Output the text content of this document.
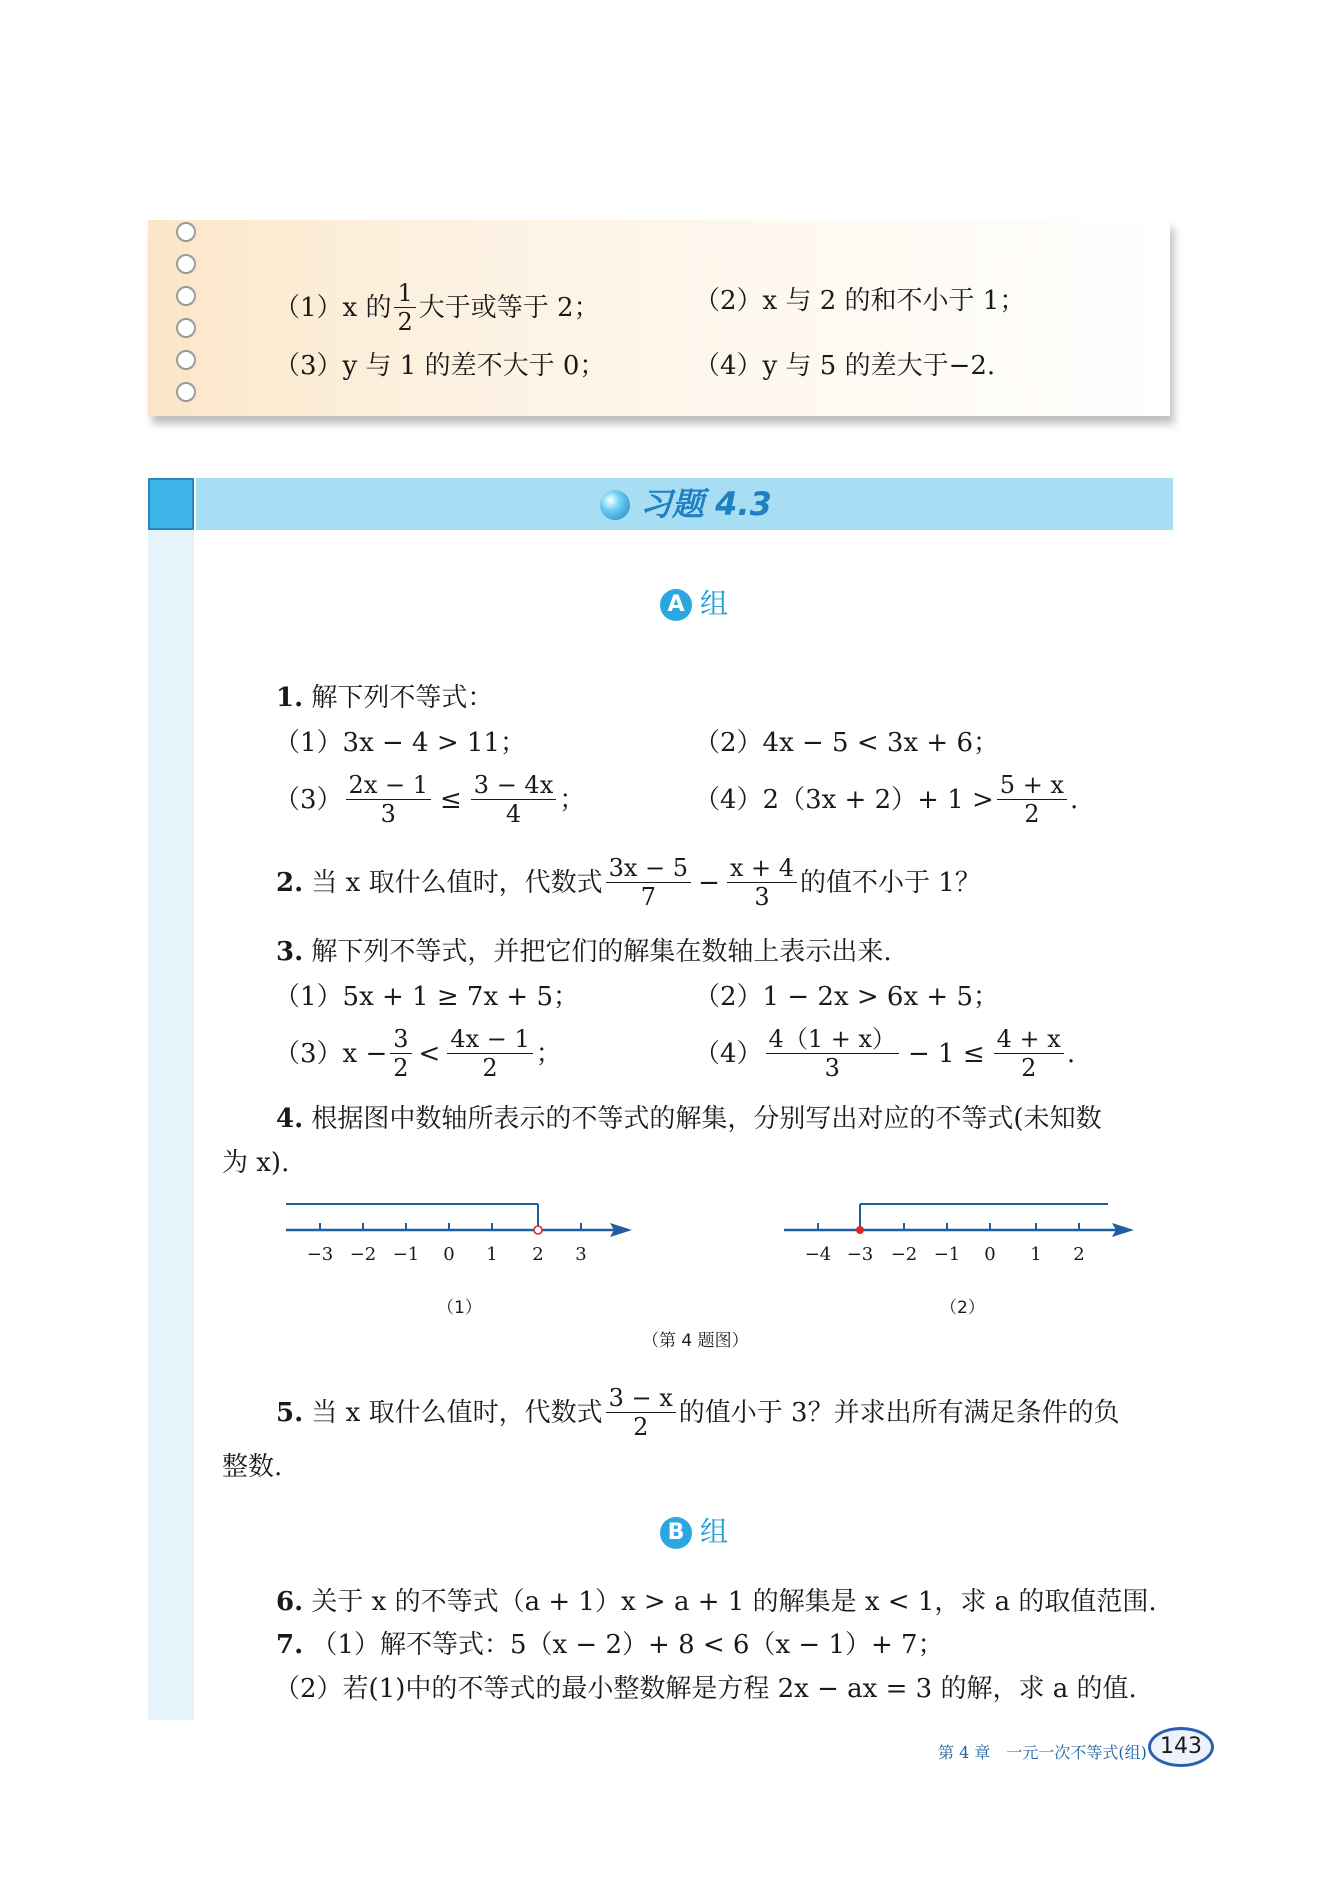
（1）x 的 $\frac{1}{2}$ 大于或等于 2；	（2）x 与 2 的和不小于 1；
（3）y 与 1 的差不大于 0；	（4）y 与 5 的差大于−2.
习题 4.3
A 组
1. 解下列不等式：
（1）3x − 4 > 11；	（2）4x − 5 < 3x + 6；
$(3) \frac{2x - 1}{3} \le \frac{3 - 4x}{4}$ ；	$(4)2(3x + 2)+ 1 > \frac{5 + x}{2}$ .
2. 当 x 取什么值时，代数式 $\frac{3x - 5}{7} - \frac{x + 4}{3}$ 的值不小于 1？
3. 解下列不等式，并把它们的解集在数轴上表示出来.
（1）5x + 1 ≥ 7x + 5；	（2）1 − 2x > 6x + 5；
$(3)x - \frac{3}{2} < \frac{4x - 1}{2}$ ；	$(4) \frac{4(1 + x)}{3} - 1 \le \frac{4 + x}{2}$ .
4. 根据图中数轴所表示的不等式的解集，分别写出对应的不等式(未知数
为 x).
−3 −2 −1 0 1 2 3	−4 −3 −2 −1 0 1 2
（1）	（2）
（第 4 题图）
5. 当 x 取什么值时，代数式 $\frac{3 - x}{2}$ 的值小于 3？并求出所有满足条件的负
整数.
B 组
6. 关于 x 的不等式（a + 1）x > a + 1 的解集是 x < 1，求 a 的取值范围.
7. （1）解不等式：5（x − 2）+ 8 < 6（x − 1）+ 7；
（2）若(1)中的不等式的最小整数解是方程 2x − ax = 3 的解，求 a 的值.
第 4 章　一元一次不等式(组) 143
